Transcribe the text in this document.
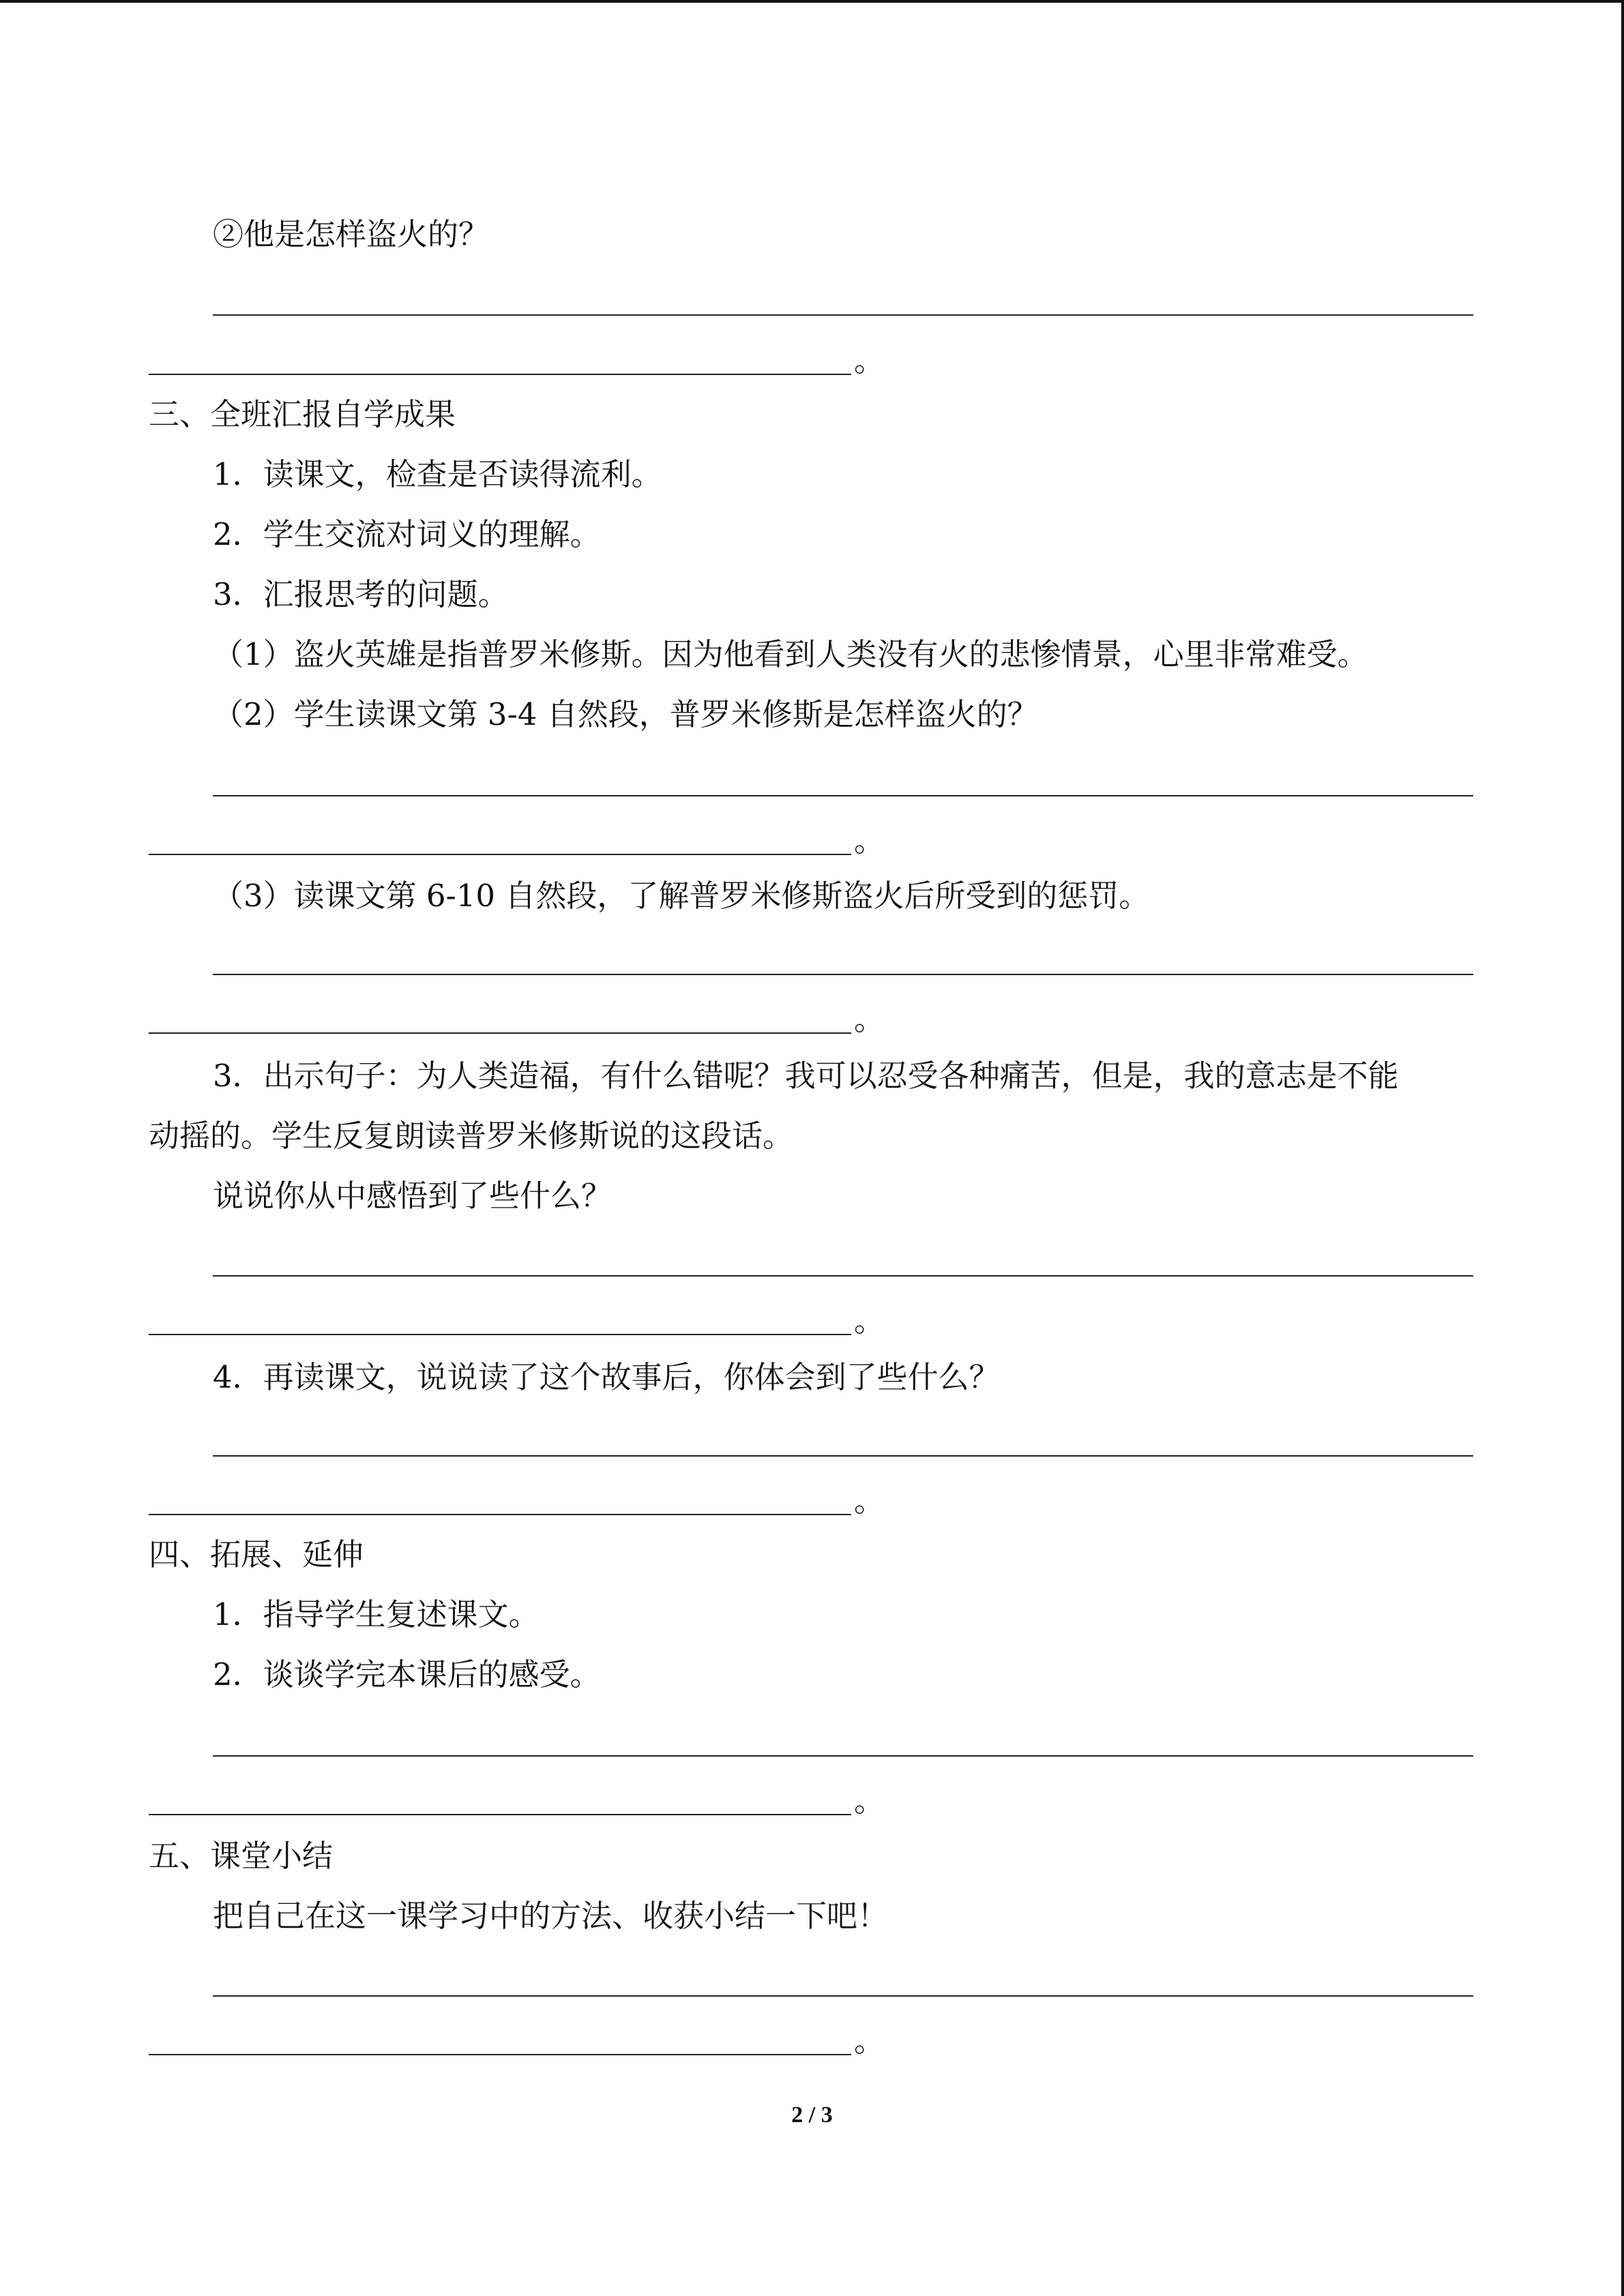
②他是怎样盗火的？

。

三、全班汇报自学成果

1．读课文，检查是否读得流利。

2．学生交流对词义的理解。

3．汇报思考的问题。

（1）盗火英雄是指普罗米修斯。因为他看到人类没有火的悲惨情景，心里非常难受。

（2）学生读课文第 3-4 自然段，普罗米修斯是怎样盗火的？

。

（3）读课文第 6-10 自然段，了解普罗米修斯盗火后所受到的惩罚。

。

3．出示句子：为人类造福，有什么错呢？我可以忍受各种痛苦，但是，我的意志是不能

动摇的。学生反复朗读普罗米修斯说的这段话。

说说你从中感悟到了些什么？

。

4．再读课文，说说读了这个故事后，你体会到了些什么？

。

四、拓展、延伸

1．指导学生复述课文。

2．谈谈学完本课后的感受。

。

五、课堂小结

把自己在这一课学习中的方法、收获小结一下吧！

。
2 / 3
